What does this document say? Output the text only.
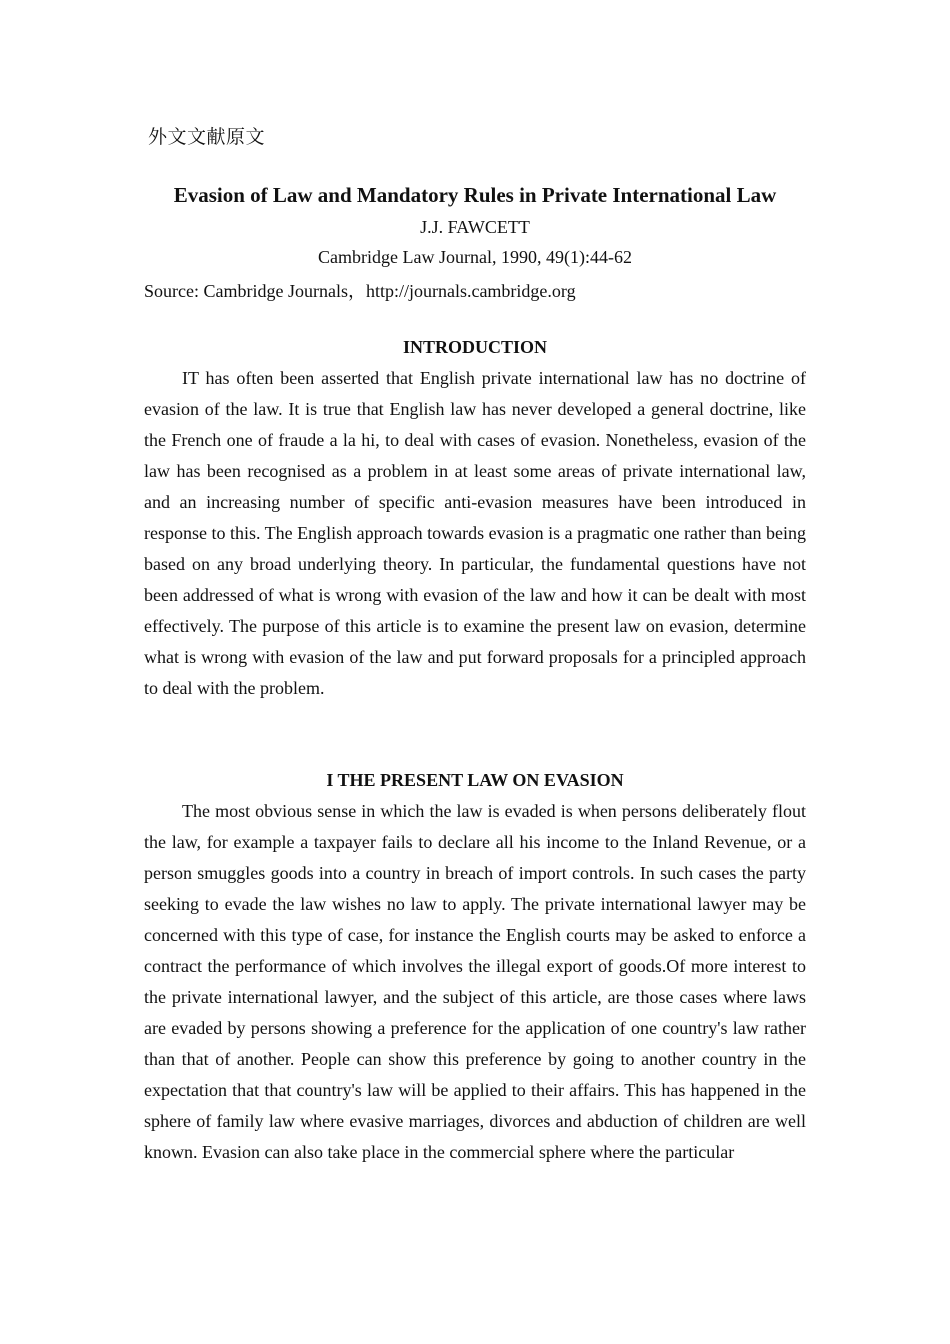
外文文献原文

Evasion of Law and Mandatory Rules in Private International Law

J.J. FAWCETT

Cambridge Law Journal, 1990, 49(1):44-62

Source: Cambridge Journals，http://journals.cambridge.org

INTRODUCTION

IT has often been asserted that English private international law has no doctrine of evasion of the law. It is true that English law has never developed a general doctrine, like the French one of fraude a la hi, to deal with cases of evasion. Nonetheless, evasion of the law has been recognised as a problem in at least some areas of private international law, and an increasing number of specific anti-evasion measures have been introduced in response to this. The English approach towards evasion is a pragmatic one rather than being based on any broad underlying theory. In particular, the fundamental questions have not been addressed of what is wrong with evasion of the law and how it can be dealt with most effectively. The purpose of this article is to examine the present law on evasion, determine what is wrong with evasion of the law and put forward proposals for a principled approach to deal with the problem.

I THE PRESENT LAW ON EVASION

The most obvious sense in which the law is evaded is when persons deliberately flout the law, for example a taxpayer fails to declare all his income to the Inland Revenue, or a person smuggles goods into a country in breach of import controls. In such cases the party seeking to evade the law wishes no law to apply. The private international lawyer may be concerned with this type of case, for instance the English courts may be asked to enforce a contract the performance of which involves the illegal export of goods.Of more interest to the private international lawyer, and the subject of this article, are those cases where laws are evaded by persons showing a preference for the application of one country's law rather than that of another. People can show this preference by going to another country in the expectation that that country's law will be applied to their affairs. This has happened in the sphere of family law where evasive marriages, divorces and abduction of children are well known. Evasion can also take place in the commercial sphere where the particular
